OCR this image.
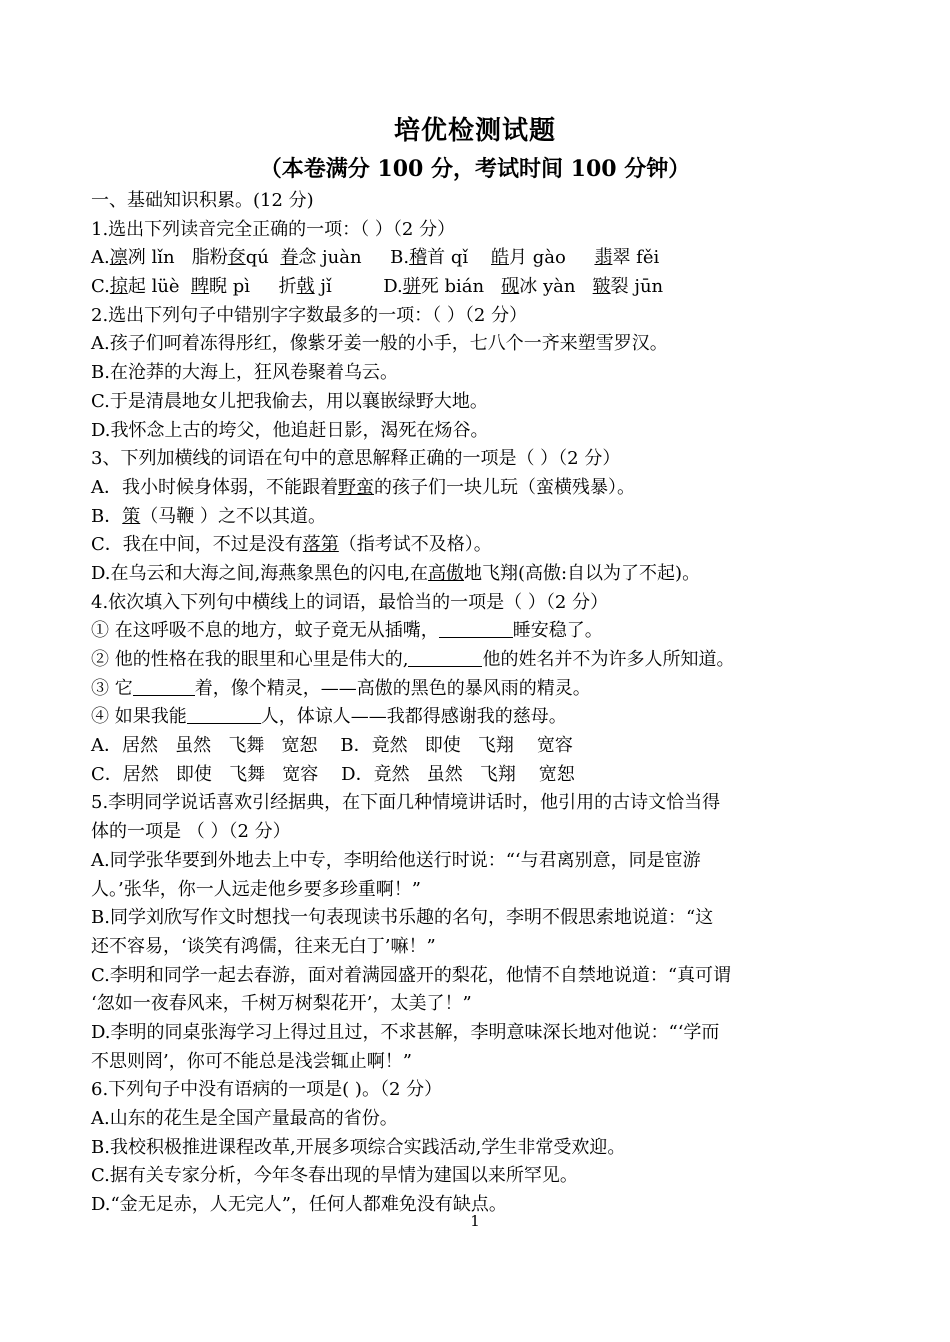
培优检测试题
（本卷满分 100 分，考试时间 100 分钟）
一、基础知识积累。(12 分)
1.选出下列读音完全正确的一项：（ ）（2 分）
A.凛冽 lǐn 脂粉奁qú 眷念 juàn B.稽首 qǐ 皓月 gào 翡翠 fěi
C.掠起 lüè 睥睨 pì 折戟 jǐ	D.骈死 bián 砚冰 yàn 皲裂 jūn
2.选出下列句子中错别字字数最多的一项：（ ）（2 分）
A.孩子们呵着冻得彤红，像紫牙姜一般的小手，七八个一齐来塑雪罗汉。
B.在沧莽的大海上，狂风卷聚着乌云。
C.于是清晨地女儿把我偷去，用以襄嵌绿野大地。
D.我怀念上古的垮父，他追赶日影，渴死在炀谷。
3、下列加横线的词语在句中的意思解释正确的一项是（ ）（2 分）
A．我小时候身体弱，不能跟着野蛮的孩子们一块儿玩（蛮横残暴）。
B．策（马鞭 ）之不以其道。
C．我在中间，不过是没有落第（指考试不及格）。
D.在乌云和大海之间,海燕象黑色的闪电,在高傲地飞翔(高傲:自以为了不起)。
4.依次填入下列句中横线上的词语，最恰当的一项是（ ）（2 分）
① 在这呼吸不息的地方，蚊子竟无从插嘴，	睡安稳了。
② 他的性格在我的眼里和心里是伟大的,	他的姓名并不为许多人所知道。
③ 它	着，像个精灵，——高傲的黑色的暴风雨的精灵。
④ 如果我能	人，体谅人——我都得感谢我的慈母。
A．居然   虽然   飞舞   宽恕    B．竟然   即使   飞翔    宽容
C．居然   即使   飞舞   宽容    D．竟然   虽然   飞翔    宽恕
5.李明同学说话喜欢引经据典，在下面几种情境讲话时，他引用的古诗文恰当得
体的一项是 （ ）（2 分）
A.同学张华要到外地去上中专，李明给他送行时说：“‘与君离别意，同是宦游
人。’张华，你一人远走他乡要多珍重啊！”
B.同学刘欣写作文时想找一句表现读书乐趣的名句，李明不假思索地说道：“这
还不容易，‘谈笑有鸿儒，往来无白丁’嘛！”
C.李明和同学一起去春游，面对着满园盛开的梨花，他情不自禁地说道：“真可谓
‘忽如一夜春风来，千树万树梨花开’，太美了！”
D.李明的同桌张海学习上得过且过，不求甚解，李明意味深长地对他说：“‘学而
不思则罔’，你可不能总是浅尝辄止啊！”
6.下列句子中没有语病的一项是( )。（2 分）
A.山东的花生是全国产量最高的省份。
B.我校积极推进课程改革,开展多项综合实践活动,学生非常受欢迎。
C.据有关专家分析，今年冬春出现的旱情为建国以来所罕见。
D.“金无足赤，人无完人”，任何人都难免没有缺点。
1
